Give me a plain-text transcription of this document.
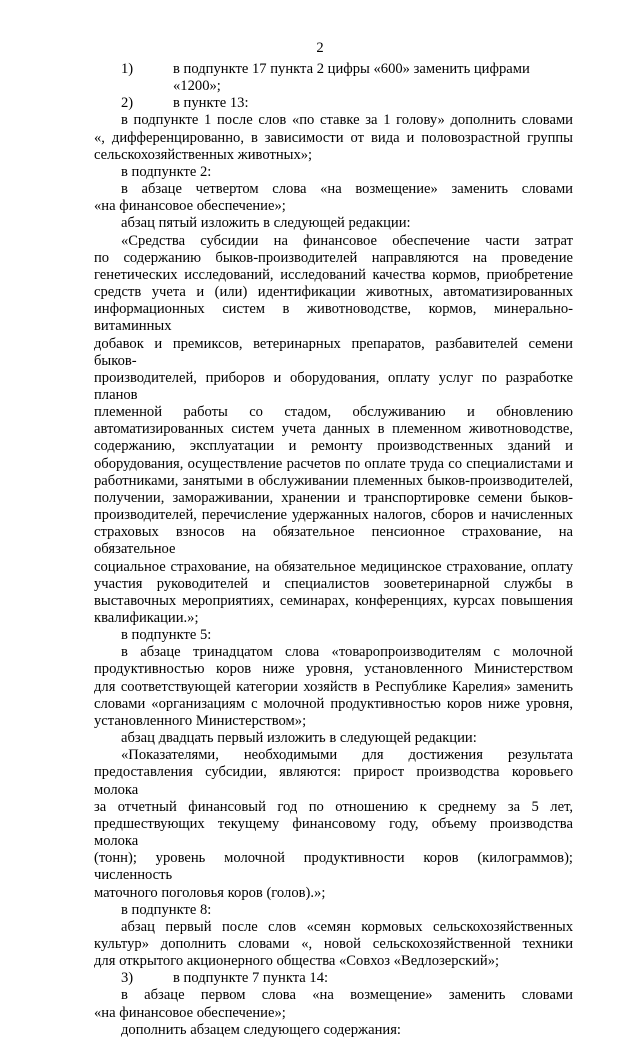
2
1)	в подпункте 17 пункта 2 цифры «600» заменить цифрами «1200»;
2)	в пункте 13:
в подпункте 1 после слов «по ставке за 1 голову» дополнить словами
«, дифференцированно, в зависимости от вида и половозрастной группы
сельскохозяйственных животных»;
в подпункте 2:
в абзаце четвертом слова «на возмещение» заменить словами
«на финансовое обеспечение»;
абзац пятый изложить в следующей редакции:
«Средства субсидии на финансовое обеспечение части затрат
по содержанию быков-производителей направляются на проведение
генетических исследований, исследований качества кормов, приобретение
средств учета и (или) идентификации животных, автоматизированных
информационных систем в животноводстве, кормов, минерально-витаминных
добавок и премиксов, ветеринарных препаратов, разбавителей семени быков-
производителей, приборов и оборудования, оплату услуг по разработке планов
племенной работы со стадом, обслуживанию и обновлению
автоматизированных систем учета данных в племенном животноводстве,
содержанию, эксплуатации и ремонту производственных зданий и
оборудования, осуществление расчетов по оплате труда со специалистами и
работниками, занятыми в обслуживании племенных быков-производителей,
получении, замораживании, хранении и транспортировке семени быков-
производителей, перечисление удержанных налогов, сборов и начисленных
страховых взносов на обязательное пенсионное страхование, на обязательное
социальное страхование, на обязательное медицинское страхование, оплату
участия руководителей и специалистов зооветеринарной службы в
выставочных мероприятиях, семинарах, конференциях, курсах повышения
квалификации.»;
в подпункте 5:
в абзаце тринадцатом слова «товаропроизводителям с молочной
продуктивностью коров ниже уровня, установленного Министерством
для соответствующей категории хозяйств в Республике Карелия» заменить
словами «организациям с молочной продуктивностью коров ниже уровня,
установленного Министерством»;
абзац двадцать первый изложить в следующей редакции:
«Показателями, необходимыми для достижения результата
предоставления субсидии, являются: прирост производства коровьего молока
за отчетный финансовый год по отношению к среднему за 5 лет,
предшествующих текущему финансовому году, объему производства молока
(тонн); уровень молочной продуктивности коров (килограммов); численность
маточного поголовья коров (голов).»;
в подпункте 8:
абзац первый после слов «семян кормовых сельскохозяйственных
культур» дополнить словами «, новой сельскохозяйственной техники
для открытого акционерного общества «Совхоз «Ведлозерский»;
3)	в подпункте 7 пункта 14:
в абзаце первом слова «на возмещение» заменить словами
«на финансовое обеспечение»;
дополнить абзацем следующего содержания:
